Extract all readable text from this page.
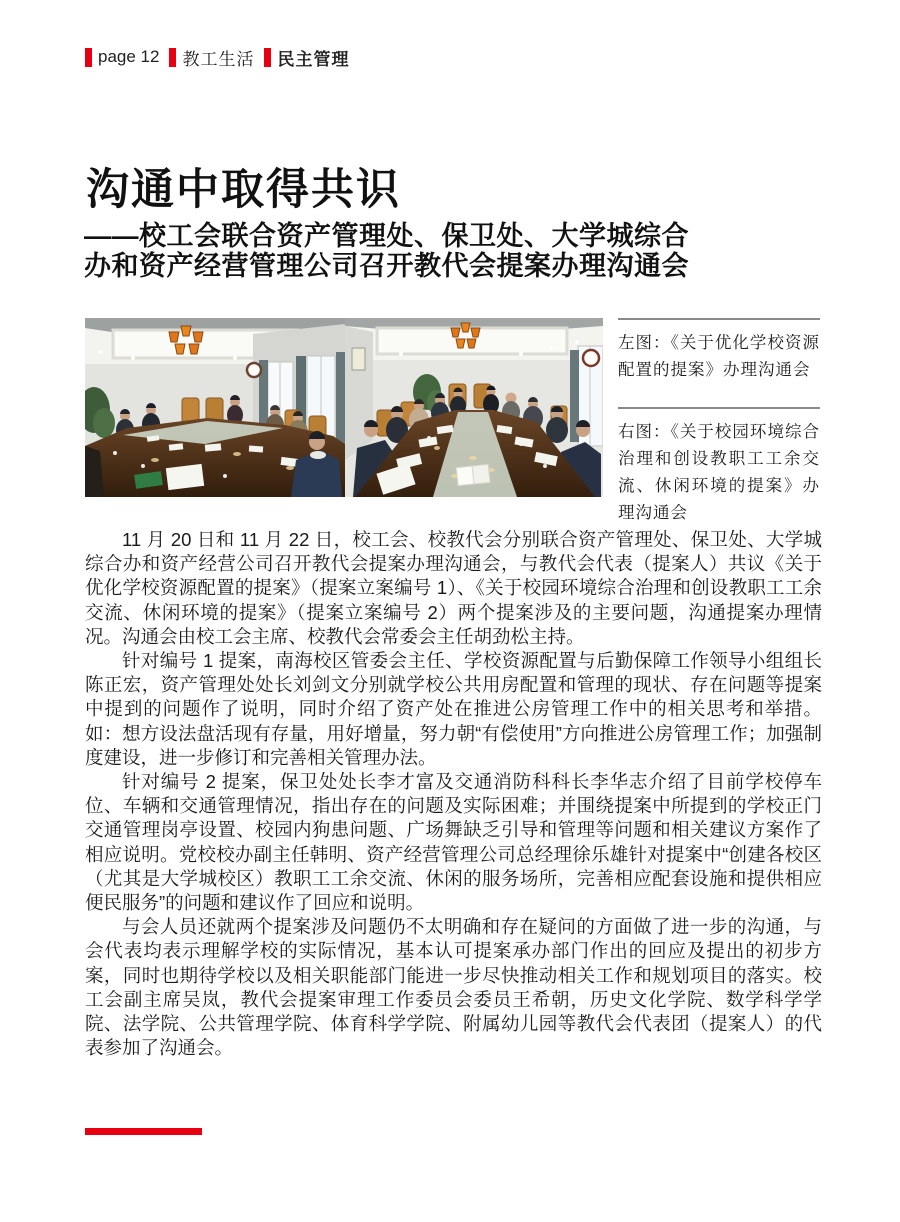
page 12 教工生活 民主管理
沟通中取得共识
——校工会联合资产管理处、保卫处、大学城综合
办和资产经营管理公司召开教代会提案办理沟通会
左图：《关于优化学校资源配置的提案》办理沟通会
右图：《关于校园环境综合治理和创设教职工工余交流、休闲环境的提案》办理沟通会

11 月 20 日和 11 月 22 日，校工会、校教代会分别联合资产管理处、保卫处、大学城综合办和资产经营公司召开教代会提案办理沟通会，与教代会代表（提案人）共议《关于优化学校资源配置的提案》（提案立案编号 1）、《关于校园环境综合治理和创设教职工工余交流、休闲环境的提案》（提案立案编号 2）两个提案涉及的主要问题，沟通提案办理情况。沟通会由校工会主席、校教代会常委会主任胡劲松主持。

针对编号 1 提案，南海校区管委会主任、学校资源配置与后勤保障工作领导小组组长陈正宏，资产管理处处长刘剑文分别就学校公共用房配置和管理的现状、存在问题等提案中提到的问题作了说明，同时介绍了资产处在推进公房管理工作中的相关思考和举措。如：想方设法盘活现有存量，用好增量，努力朝“有偿使用”方向推进公房管理工作；加强制度建设，进一步修订和完善相关管理办法。

针对编号 2 提案，保卫处处长李才富及交通消防科科长李华志介绍了目前学校停车位、车辆和交通管理情况，指出存在的问题及实际困难；并围绕提案中所提到的学校正门交通管理岗亭设置、校园内狗患问题、广场舞缺乏引导和管理等问题和相关建议方案作了相应说明。党校校办副主任韩明、资产经营管理公司总经理徐乐雄针对提案中“创建各校区（尤其是大学城校区）教职工工余交流、休闲的服务场所，完善相应配套设施和提供相应便民服务”的问题和建议作了回应和说明。

与会人员还就两个提案涉及问题仍不太明确和存在疑问的方面做了进一步的沟通，与会代表均表示理解学校的实际情况，基本认可提案承办部门作出的回应及提出的初步方案，同时也期待学校以及相关职能部门能进一步尽快推动相关工作和规划项目的落实。校工会副主席吴岚，教代会提案审理工作委员会委员王希朝，历史文化学院、数学科学学院、法学院、公共管理学院、体育科学学院、附属幼儿园等教代会代表团（提案人）的代表参加了沟通会。
